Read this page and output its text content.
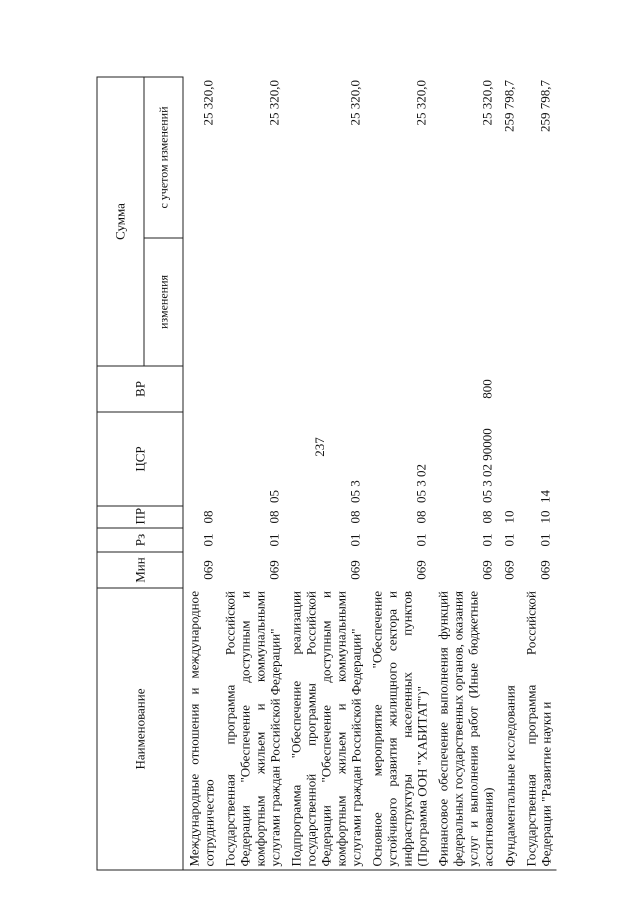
237
Наименование	Мин	Рз	ПР	ЦСР	ВР	Сумма	
						изменения	с учетом изменений
Международные отношения и международное сотрудничество	069	01	08				25 320,0
Государственная программа Российской Федерации "Обеспечение доступным и комфортным жильем и коммунальными услугами граждан Российской Федерации"	069	01	08	05			25 320,0
Подпрограмма "Обеспечение реализации государственной программы Российской Федерации "Обеспечение доступным и комфортным жильем и коммунальными услугами граждан Российской Федерации"	069	01	08	05 3			25 320,0
Основное мероприятие "Обеспечение устойчивого развития жилищного сектора и инфраструктуры населенных пунктов (Программа ООН "ХАБИТАТ")"	069	01	08	05 3 02			25 320,0
Финансовое обеспечение выполнения функций федеральных государственных органов, оказания услуг и выполнения работ (Иные бюджетные ассигнования)	069	01	08	05 3 02 90000	800		25 320,0
Фундаментальные исследования	069	01	10				259 798,7
Государственная программа Российской Федерации "Развитие науки и	069	01	10	14			259 798,7
